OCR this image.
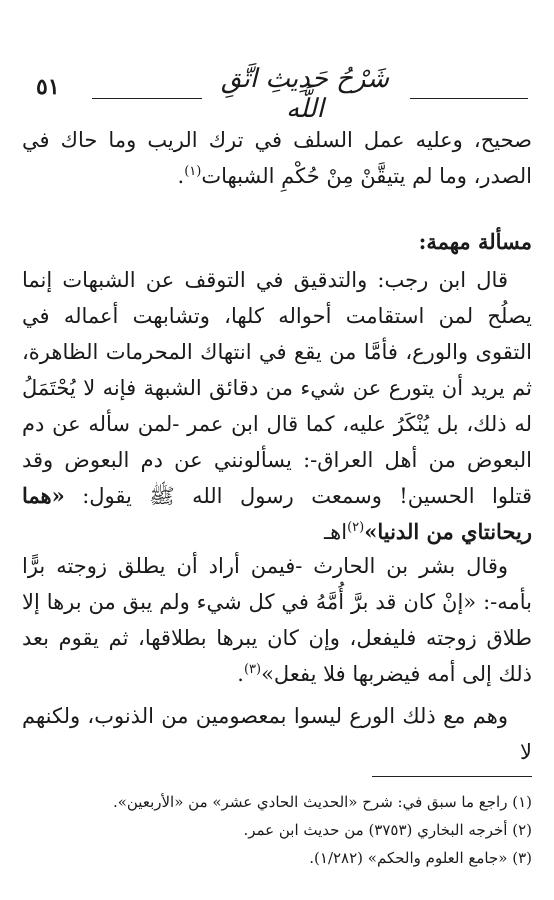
٥١	شَرْحُ حَدِيثِ اتَّقِ اللَّه

صحيح، وعليه عمل السلف في ترك الريب وما حاك في الصدر، وما لم يتيقَّنْ مِنْ حُكْمِ الشبهات$^{(١)}$.

مسألة مهمة:

قال ابن رجب: والتدقيق في التوقف عن الشبهات إنما يصلُح لمن استقامت أحواله كلها، وتشابهت أعماله في التقوى والورع، فأمَّا من يقع في انتهاك المحرمات الظاهرة، ثم يريد أن يتورع عن شيء من دقائق الشبهة فإنه لا يُحْتَمَلُ له ذلك، بل يُنْكَرُ عليه، كما قال ابن عمر -لمن سأله عن دم البعوض من أهل العراق-: يسألونني عن دم البعوض وقد قتلوا الحسين! وسمعت رسول الله ﷺ يقول: «هما ريحانتاي من الدنيا»$^{(٢)}$اهـ

وقال بشر بن الحارث -فيمن أراد أن يطلق زوجته برًّا بأمه-: «إنْ كان قد برَّ أُمَّهُ في كل شيء ولم يبق من برها إلا طلاق زوجته فليفعل، وإن كان يبرها بطلاقها، ثم يقوم بعد ذلك إلى أمه فيضربها فلا يفعل»$^{(٣)}$.

وهم مع ذلك الورع ليسوا بمعصومين من الذنوب، ولكنهم لا

(١) راجع ما سبق في: شرح «الحديث الحادي عشر» من «الأربعين».

(٢) أخرجه البخاري (٣٧٥٣) من حديث ابن عمر.

(٣) «جامع العلوم والحكم» (١/٢٨٢).
